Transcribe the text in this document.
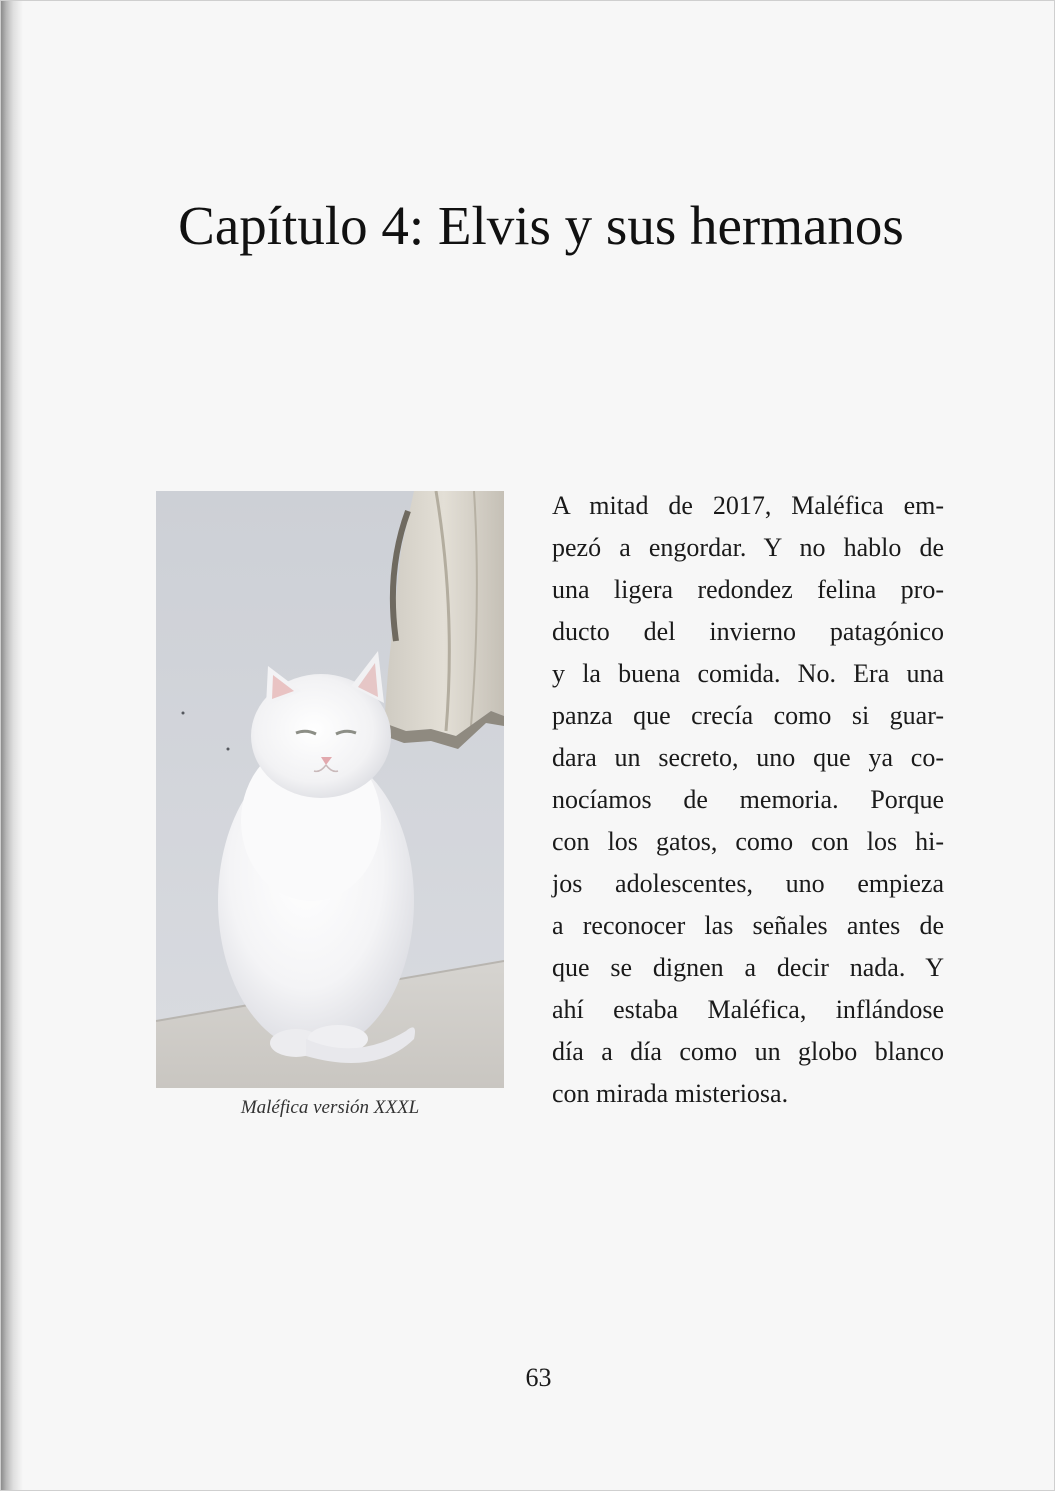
Capítulo 4: Elvis y sus hermanos
Maléfica versión XXXL
A mitad de 2017, Maléfica em-
pezó a engordar. Y no hablo de
una ligera redondez felina pro-
ducto del invierno patagónico
y la buena comida. No. Era una
panza que crecía como si guar-
dara un secreto, uno que ya co-
nocíamos de memoria. Porque
con los gatos, como con los hi-
jos adolescentes, uno empieza
a reconocer las señales antes de
que se dignen a decir nada. Y
ahí estaba Maléfica, inflándose
día a día como un globo blanco
con mirada misteriosa.
63
